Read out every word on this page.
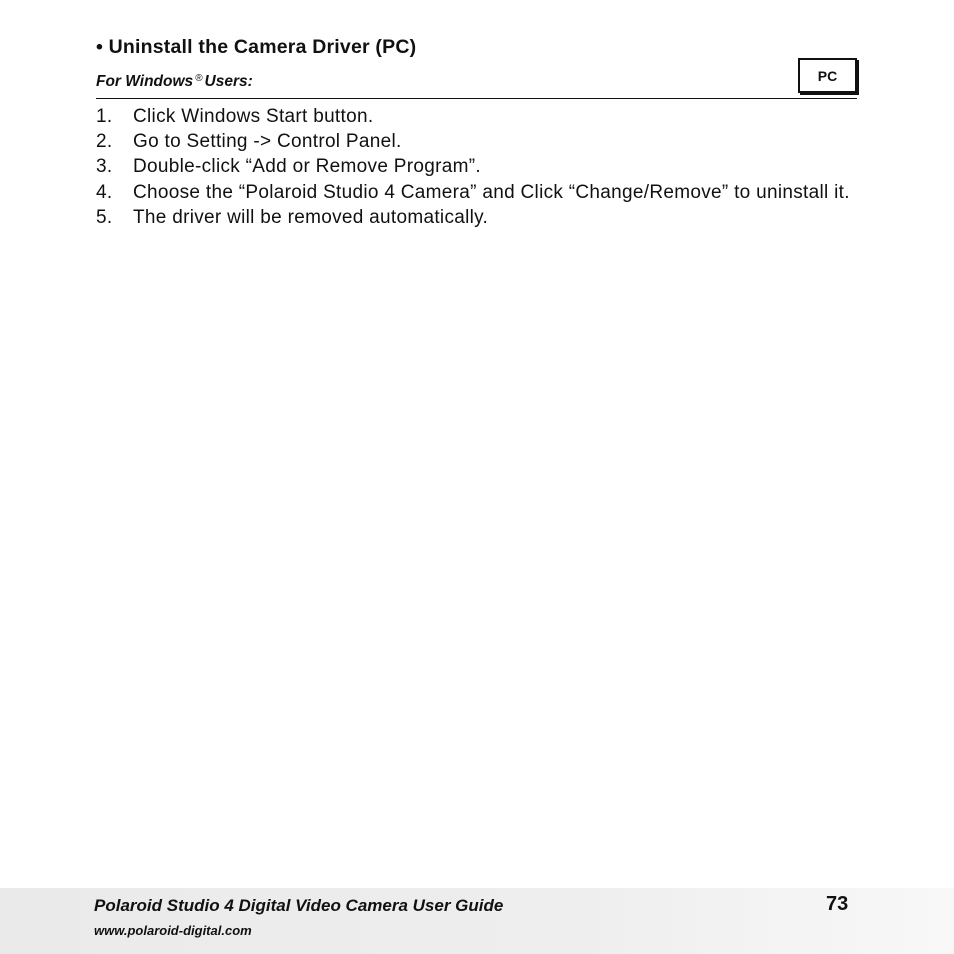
• Uninstall the Camera Driver (PC)
For Windows ® Users:	PC
1.	Click Windows Start button.
2.	Go to Setting -> Control Panel.
3.	Double-click “Add or Remove Program”.
4.	Choose the “Polaroid Studio 4 Camera” and Click “Change/Remove” to uninstall it.
5.	The driver will be removed automatically.
Polaroid Studio 4 Digital Video Camera User Guide
www.polaroid-digital.com
73
